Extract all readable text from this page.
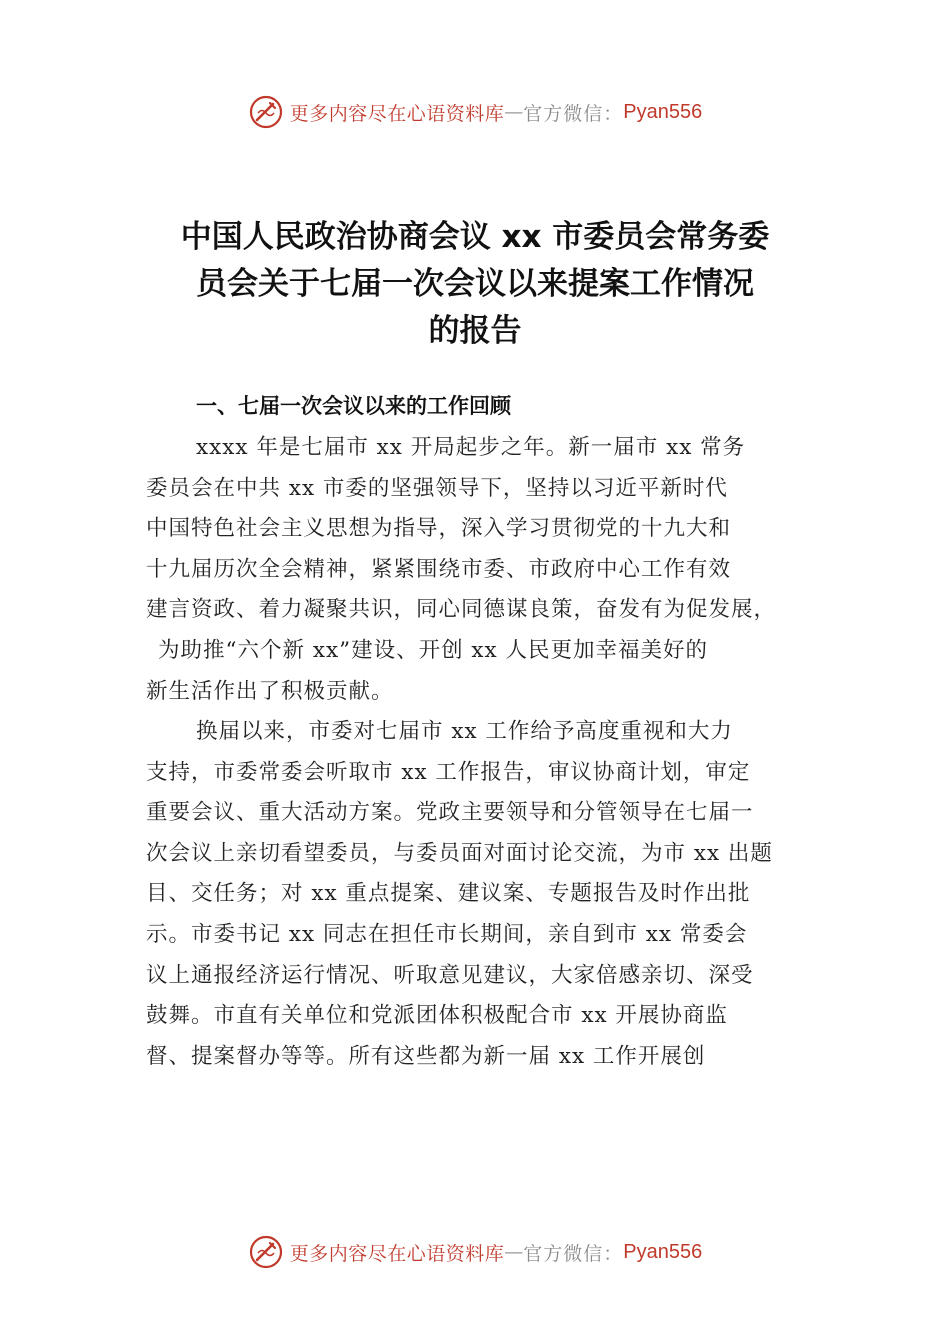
更多内容尽在心语资料库 — 官方微信： Pyan556
中国人民政治协商会议 xx 市委员会常务委
员会关于七届一次会议以来提案工作情况
的报告
一、七届一次会议以来的工作回顾
xxxx 年是七届市 xx 开局起步之年。新一届市 xx 常务
委员会在中共 xx 市委的坚强领导下，坚持以习近平新时代
中国特色社会主义思想为指导，深入学习贯彻党的十九大和
十九届历次全会精神，紧紧围绕市委、市政府中心工作有效
建言资政、着力凝聚共识，同心同德谋良策，奋发有为促发展，
为助推“六个新 xx”建设、开创 xx 人民更加幸福美好的
新生活作出了积极贡献。
换届以来，市委对七届市 xx 工作给予高度重视和大力
支持，市委常委会听取市 xx 工作报告，审议协商计划，审定
重要会议、重大活动方案。党政主要领导和分管领导在七届一
次会议上亲切看望委员，与委员面对面讨论交流，为市 xx 出题
目、交任务；对 xx 重点提案、建议案、专题报告及时作出批
示。市委书记 xx 同志在担任市长期间，亲自到市 xx 常委会
议上通报经济运行情况、听取意见建议，大家倍感亲切、深受
鼓舞。市直有关单位和党派团体积极配合市 xx 开展协商监
督、提案督办等等。所有这些都为新一届 xx 工作开展创
更多内容尽在心语资料库 — 官方微信： Pyan556
